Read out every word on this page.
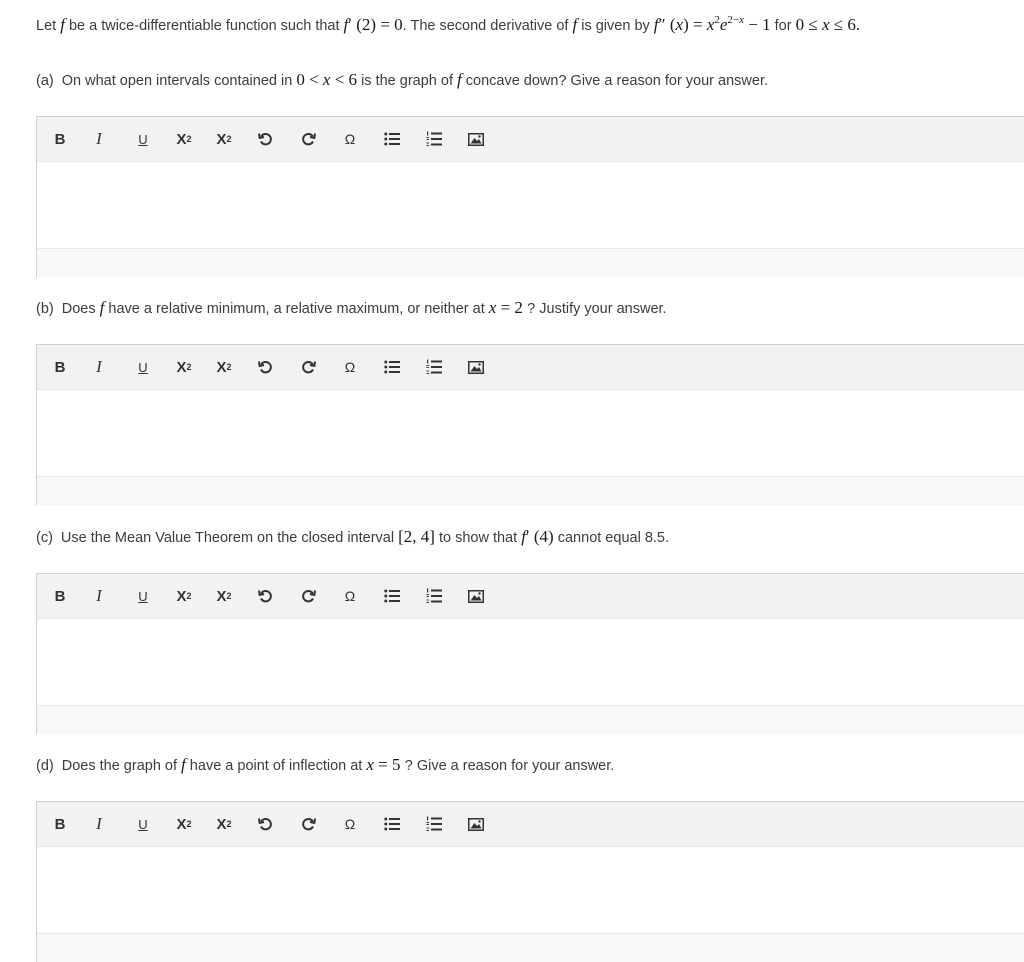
Let f be a twice-differentiable function such that f′ (2) = 0. The second derivative of f is given by f″ $(x) = x^2e^{2-x} - 1$ for 0 ≤ x ≤ 6.
(a) On what open intervals contained in 0 < x < 6 is the graph of f concave down? Give a reason for your answer.
B	I	U	X 2 X 2	Ω
(b) Does f have a relative minimum, a relative maximum, or neither at x = 2 ? Justify your answer.
B	I	U	X 2 X 2	Ω
(c) Use the Mean Value Theorem on the closed interval [2, 4] to show that f′ (4) cannot equal 8.5.
B	I	U	X 2 X 2	Ω
(d) Does the graph of f have a point of inflection at x = 5 ? Give a reason for your answer.
B	I	U	X 2 X 2	Ω
